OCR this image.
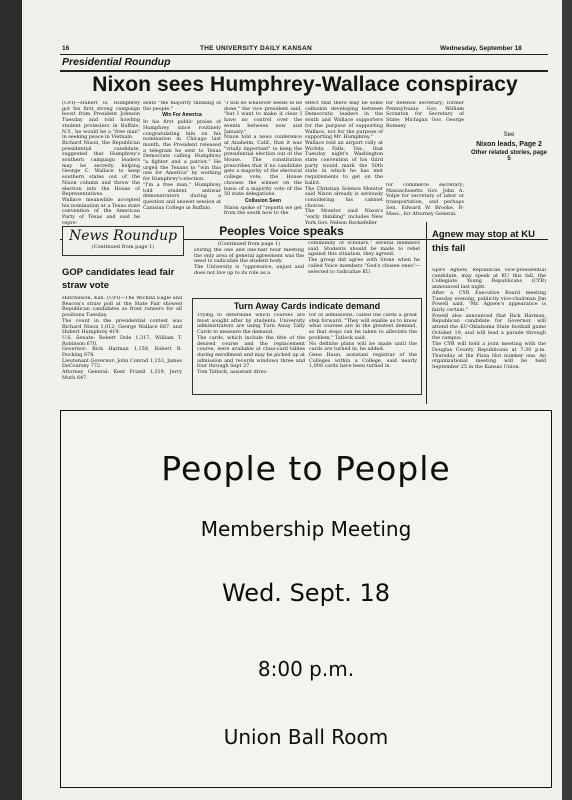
16	THE UNIVERSITY DAILY KANSAN	Wednesday, September 18
Presidential Roundup
Nixon sees Humphrey-Wallace conspiracy
(UPI)—Hubert H. Humphrey got his first strong campaign boost from President Johnson Tuesday and told howling student protesters in Buffalo, N.Y., he would be a "free man" in seeking peace in Vietnam.
Richard Nixon, the Republican presidential candidate, suggested that Humphrey's southern campaign leaders may be secretly helping George C. Wallace to keep southern states out of the Nixon column and throw the election into the House of Representatives.
Wallace meanwhile accepted his nomination at a Texas state convention of the American Party of Texas and said he repre-
sents "the majority thinking of the people."
Win For America
In his first public praise of Humphrey since routinely congratulating him on his nomination in Chicago last month, the President released a telegram he sent to Texas Democrats calling Humphrey "a fighter and a patriot." He urged the Texans to "win this one for America" by working for Humphrey's election.
"I'm a free man," Humphrey told student antiwar demonstrators during a question and answer session at Canisius College in Buffalo.
"I will do whatever needs to be done," the vice president said, "but I want to make it clear I have no control over the events between now and January."
Nixon told a news conference at Anaheim, Calif., that it was "vitally important" to keep the presidential election out of the House. The constitution prescribes that if no candidate gets a majority of the electoral college vote, the House chooses the winner on the basis of a majority vote of the 50 state delegations.
Collusion Seen
Nixon spoke of "reports we get from the south now to the
effect that there may be some collusion developing between Democratic leaders in the south and Wallace supporters for the purpose of supporting Wallace, not for the purpose of supporting Mr. Humphrey."
Wallace told an airport rally at Wichita Falls, Tex., that Tuesday night's Washington state convention of his third party would mark the 50th state in which he has met requirements to get on the ballot.
The Christian Science Monitor said Nixon already is seriously considering his cabinet choices.
The Monitor said Nixon's "early thinking" includes New York Gov. Nelson Rockefeller
for defense secretary; former Pennsylvania Gov. William Scranton for Secretary of State; Michigan Gov. George Romney
for commerce secretary; Massachusetts Gov. John A. Volpe for secretary of labor or transportation, and perhaps Sen. Edward W. Brooke, R-Mass., for Attorney General.
See
Nixon leads, Page 2
Other related stories, page 5
News Roundup
(Continued from page 1)
GOP candidates lead fair straw vote
Hutchinson, Kan. (UPI)—The Wichita Eagle and Beacon's straw poll at the State Fair showed Republican candidates as front runners for all positions Tuesday.
The count in the presidential contest was Richard Nixon 1,012, George Wallace 687, and Hubert Humphrey 419.
U.S. Senate: Robert Dole 1,317, William T. Robinson 670.
Governor: Rick Harman 1,158, Robert B. Docking 878.
Lieutenant Governor: John Conrad 1,153, James DeCoursey 772.
Attorney General: Kent Frizell 1,319, Jerry Muth 647.
Peoples Voice speaks
(Continued from page 1)
During the one and one-half hour meeting the only area of general agreement was the need to radicalize the student body.
The University is "oppressive, unjust and does not live up to its role as a
community of scholars," several members said. Students should be made to rebel against this situation, they agreed.
The group did agree with Stone when he called Voice members "God's chosen ones"—selected to radicalize KU.
Turn Away Cards indicate demand
Trying to determine which courses are most sought after by students, University administrators are using Turn Away Tally Cards to measure the demand.
The cards, which include the title of the desired course and the replacement course, were available at class-card tables during enrollment and may be picked up at admission and records windows three and four through Sept 27.
Tom Tatlock, assistant direc-
tor of admissions, called the cards a great step forward. "They will enable us to know what courses are in the greatest demand, so that steps can be taken to alleviate the problem," Tatlock said.
No definite plans will be made until the cards are turned in, he added.
Gene Haun, assistant registrar of the Colleges within a College, said nearly 1,000 cards have been turned in.
Agnew may stop at KU this fall
Spiro Agnew, Republican vice-presidential candidate, may speak at KU this fall, the Collegiate Young Republicans (CYR) announced last night.
After a CYR Executive Board meeting Tuesday evening, publicity vice-chairman Jim Powell said, "Mr. Agnew's appearance is fairly certain."
Powell also announced that Rick Harman, Republican candidate for Governor, will attend the KU-Oklahoma State football game October 19, and will lead a parade through the campus.
The CYR will hold a joint meeting with the Douglas County Republicans at 7:30 p.m. Thursday at the Pizza Hut number one. An organizational meeting will be held September 25 in the Kansas Union.
People to People
Membership Meeting
Wed. Sept. 18
8:00 p.m.
Union Ball Room
